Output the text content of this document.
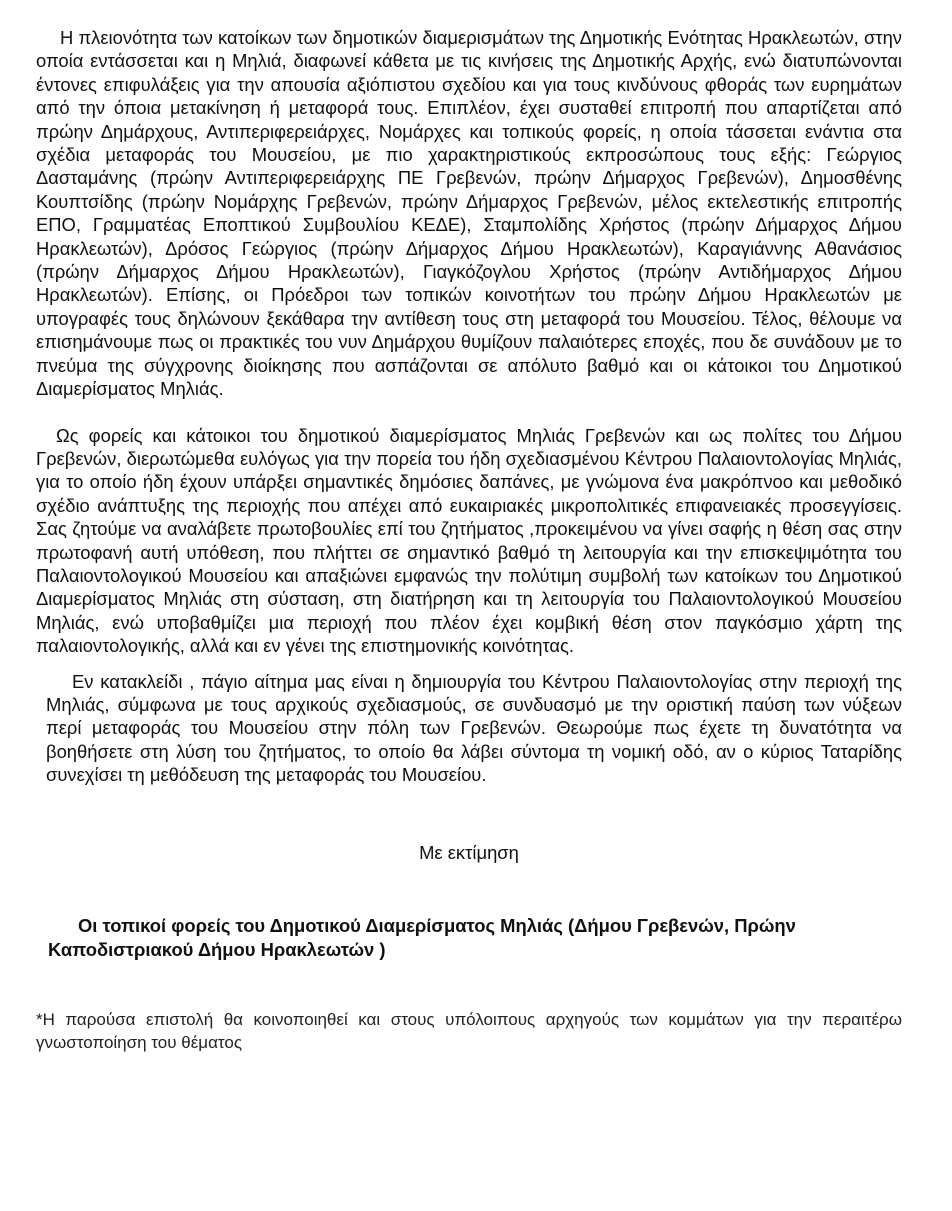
Η πλειονότητα των κατοίκων των δημοτικών διαμερισμάτων της Δημοτικής Ενότητας Ηρακλεωτών, στην οποία εντάσσεται και η Μηλιά, διαφωνεί κάθετα με τις κινήσεις της Δημοτικής Αρχής, ενώ διατυπώνονται έντονες επιφυλάξεις για την απουσία αξιόπιστου σχεδίου και για τους κινδύνους φθοράς των ευρημάτων από την όποια μετακίνηση ή μεταφορά τους. Επιπλέον, έχει συσταθεί επιτροπή που απαρτίζεται από πρώην Δημάρχους, Αντιπεριφερειάρχες, Νομάρχες και τοπικούς φορείς, η οποία τάσσεται ενάντια στα σχέδια μεταφοράς του Μουσείου, με πιο χαρακτηριστικούς εκπροσώπους τους εξής: Γεώργιος Δασταμάνης (πρώην Αντιπεριφερειάρχης ΠΕ Γρεβενών, πρώην Δήμαρχος Γρεβενών), Δημοσθένης Κουπτσίδης (πρώην Νομάρχης Γρεβενών, πρώην Δήμαρχος Γρεβενών, μέλος εκτελεστικής επιτροπής ΕΠΟ, Γραμματέας Εποπτικού Συμβουλίου ΚΕΔΕ), Σταμπολίδης Χρήστος (πρώην Δήμαρχος Δήμου Ηρακλεωτών), Δρόσος Γεώργιος (πρώην Δήμαρχος Δήμου Ηρακλεωτών), Καραγιάννης Αθανάσιος (πρώην Δήμαρχος Δήμου Ηρακλεωτών), Γιαγκόζογλου Χρήστος (πρώην Αντιδήμαρχος Δήμου Ηρακλεωτών). Επίσης, οι Πρόεδροι των τοπικών κοινοτήτων του πρώην Δήμου Ηρακλεωτών με υπογραφές τους δηλώνουν ξεκάθαρα την αντίθεση τους στη μεταφορά του Μουσείου. Τέλος, θέλουμε να επισημάνουμε πως οι πρακτικές του νυν Δημάρχου θυμίζουν παλαιότερες εποχές, που δε συνάδουν με το πνεύμα της σύγχρονης διοίκησης που ασπάζονται σε απόλυτο βαθμό και οι κάτοικοι του Δημοτικού Διαμερίσματος Μηλιάς.

Ως φορείς και κάτοικοι του δημοτικού διαμερίσματος Μηλιάς Γρεβενών και ως πολίτες του Δήμου Γρεβενών, διερωτώμεθα ευλόγως για την πορεία του ήδη σχεδιασμένου Κέντρου Παλαιοντολογίας Μηλιάς, για το οποίο ήδη έχουν υπάρξει σημαντικές δημόσιες δαπάνες, με γνώμονα ένα μακρόπνοο και μεθοδικό σχέδιο ανάπτυξης της περιοχής που απέχει από ευκαιριακές μικροπολιτικές επιφανειακές προσεγγίσεις. Σας ζητούμε να αναλάβετε πρωτοβουλίες επί του ζητήματος ,προκειμένου να γίνει σαφής η θέση σας στην πρωτοφανή αυτή υπόθεση, που πλήττει σε σημαντικό βαθμό τη λειτουργία και την επισκεψιμότητα του Παλαιοντολογικού Μουσείου και απαξιώνει εμφανώς την πολύτιμη συμβολή των κατοίκων του Δημοτικού Διαμερίσματος Μηλιάς στη σύσταση, στη διατήρηση και τη λειτουργία του Παλαιοντολογικού Μουσείου Μηλιάς, ενώ υποβαθμίζει μια περιοχή που πλέον έχει κομβική θέση στον παγκόσμιο χάρτη της παλαιοντολογικής, αλλά και εν γένει της επιστημονικής κοινότητας.

Εν κατακλείδι , πάγιο αίτημα μας είναι η δημιουργία του Κέντρου Παλαιοντολογίας στην περιοχή της Μηλιάς, σύμφωνα με τους αρχικούς σχεδιασμούς, σε συνδυασμό με την οριστική παύση των νύξεων περί μεταφοράς του Μουσείου στην πόλη των Γρεβενών. Θεωρούμε πως έχετε τη δυνατότητα να βοηθήσετε στη λύση του ζητήματος, το οποίο θα λάβει σύντομα τη νομική οδό, αν ο κύριος Ταταρίδης συνεχίσει τη μεθόδευση της μεταφοράς του Μουσείου.

Με εκτίμηση

Οι τοπικοί φορείς του Δημοτικού Διαμερίσματος Μηλιάς (Δήμου Γρεβενών, Πρώην Καποδιστριακού Δήμου Ηρακλεωτών )

*Η παρούσα επιστολή θα κοινοποιηθεί και στους υπόλοιπους αρχηγούς των κομμάτων για την περαιτέρω γνωστοποίηση του θέματος
